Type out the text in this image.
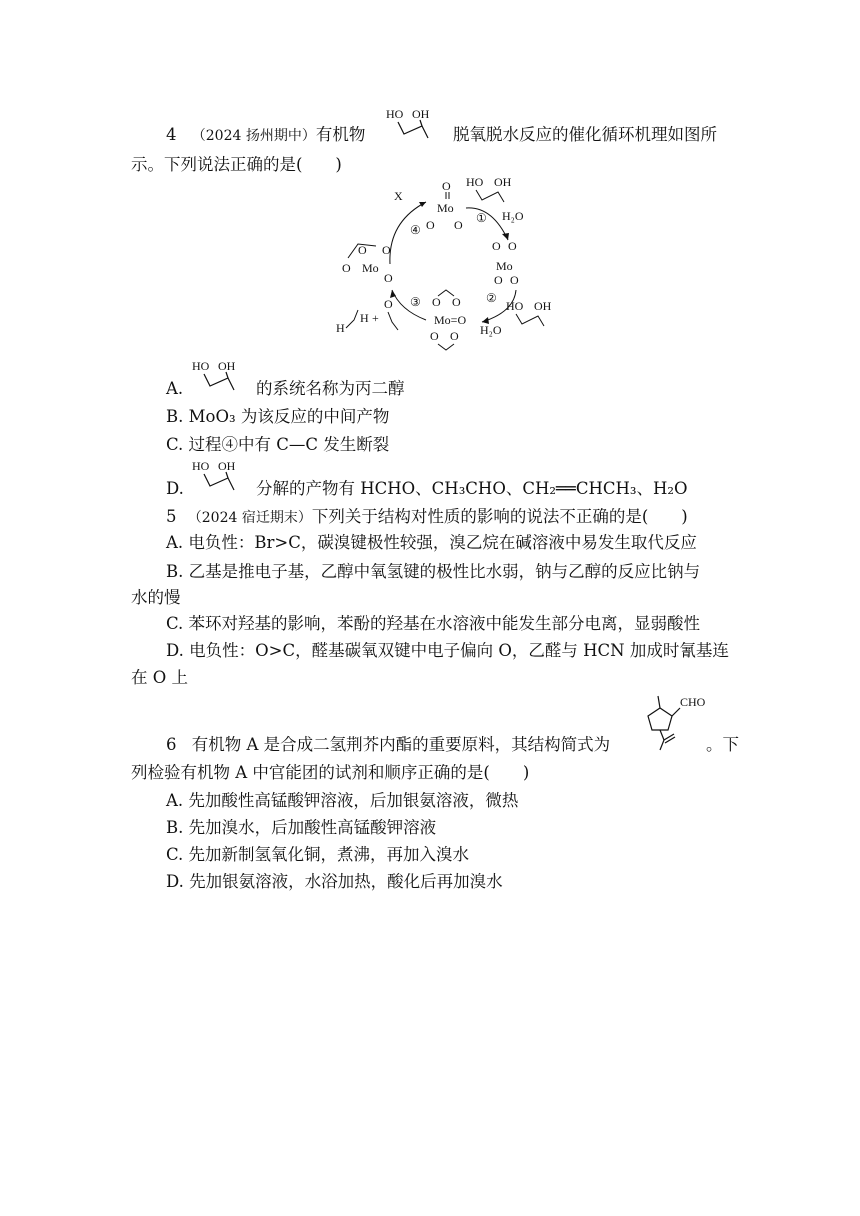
4 （2024 扬州期中）有机物
HO OH
脱氧脱水反应的催化循环机理如图所
示。下列说法正确的是(　　)
O
Mo
O O
X
④
HO OH
① H₂O
O O
Mo
O O
②
HO OH
H₂O
O O
Mo=O
O O
③
O O
Mo
O
O
H
H +
O
A.
HO OH
的系统名称为丙二醇
B. MoO₃ 为该反应的中间产物
C. 过程④中有 C—C 发生断裂
D.
HO OH
分解的产物有 HCHO、CH₃CHO、CH₂══CHCH₃、H₂O
5 （2024 宿迁期末）下列关于结构对性质的影响的说法不正确的是(　　)
A. 电负性：Br>C，碳溴键极性较强，溴乙烷在碱溶液中易发生取代反应
B. 乙基是推电子基，乙醇中氧氢键的极性比水弱，钠与乙醇的反应比钠与
水的慢
C. 苯环对羟基的影响，苯酚的羟基在水溶液中能发生部分电离，显弱酸性
D. 电负性：O>C，醛基碳氧双键中电子偏向 O，乙醛与 HCN 加成时氰基连
在 O 上
6 有机物 A 是合成二氢荆芥内酯的重要原料，其结构简式为
CHO
。下
列检验有机物 A 中官能团的试剂和顺序正确的是(　　)
A. 先加酸性高锰酸钾溶液，后加银氨溶液，微热
B. 先加溴水，后加酸性高锰酸钾溶液
C. 先加新制氢氧化铜，煮沸，再加入溴水
D. 先加银氨溶液，水浴加热，酸化后再加溴水
